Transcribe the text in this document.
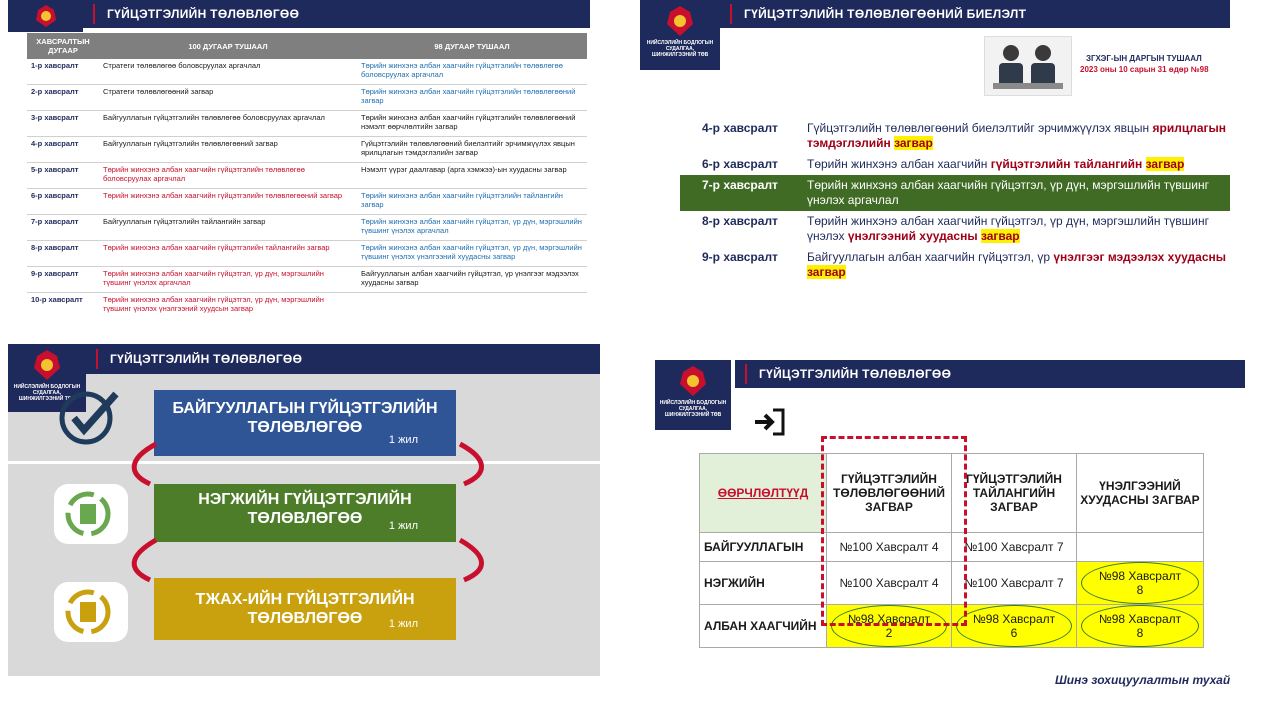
ГҮЙЦЭТГЭЛИЙН ТӨЛӨВЛӨГӨӨ
ХАВСРАЛТЫН ДУГААР	100 ДУГААР ТУШААЛ	98 ДУГААР ТУШААЛ
1-р хавсралт	Стратеги төлөвлөгөө боловсруулах аргачлал	Төрийн жинхэнэ албан хаагчийн гүйцэтгэлийн төлөвлөгөө боловсруулах аргачлал
2-р хавсралт	Стратеги төлөвлөгөөний загвар	Төрийн жинхэнэ албан хаагчийн гүйцэтгэлийн төлөвлөгөөний загвар
3-р хавсралт	Байгууллагын гүйцэтгэлийн төлөвлөгөө боловсруулах аргачлал	Төрийн жинхэнэ албан хаагчийн гүйцэтгэлийн төлөвлөгөөний нэмэлт өөрчлөлтийн загвар
4-р хавсралт	Байгууллагын гүйцэтгэлийн төлөвлөгөөний загвар	Гүйцэтгэлийн төлөвлөгөөний биелэлтийг эрчимжүүлэх явцын ярилцлагын тэмдэглэлийн загвар
5-р хавсралт	Төрийн жинхэнэ албан хаагчийн гүйцэтгэлийн төлөвлөгөө боловсруулах аргачлал	Нэмэлт үүрэг даалгавар (арга хэмжээ)-ын хуудасны загвар
6-р хавсралт	Төрийн жинхэнэ албан хаагчийн гүйцэтгэлийн төлөвлөгөөний загвар	Төрийн жинхэнэ албан хаагчийн гүйцэтгэлийн тайлангийн загвар
7-р хавсралт	Байгууллагын гүйцэтгэлийн тайлангийн загвар	Төрийн жинхэнэ албан хаагчийн гүйцэтгэл, үр дүн, мэргэшлийн түвшинг үнэлэх аргачлал
8-р хавсралт	Төрийн жинхэнэ албан хаагчийн гүйцэтгэлийн тайлангийн загвар	Төрийн жинхэнэ албан хаагчийн гүйцэтгэл, үр дүн, мэргэшлийн түвшинг үнэлэх үнэлгээний хуудасны загвар
9-р хавсралт	Төрийн жинхэнэ албан хаагчийн гүйцэтгэл, үр дүн, мэргэшлийн түвшинг үнэлэх аргачлал	Байгууллагын албан хаагчийн гүйцэтгэл, үр үнэлгээг мэдээлэх хуудасны загвар
10-р хавсралт	Төрийн жинхэнэ албан хаагчийн гүйцэтгэл, үр дүн, мэргэшлийн түвшинг үнэлэх үнэлгээний хуудсын загвар	
ГҮЙЦЭТГЭЛИЙН ТӨЛӨВЛӨГӨӨНИЙ БИЕЛЭЛТ
НИЙСЛЭЛИЙН БОДЛОГЫН СУДАЛГАА, ШИНЖИЛГЭЭНИЙ ТӨВ	ЗГХЭГ-ЫН ДАРГЫН ТУШААЛ
2023 оны 10 сарын 31 өдөр №98
4-р хавсралт	Гүйцэтгэлийн төлөвлөгөөний биелэлтийг эрчимжүүлэх явцын ярилцлагын тэмдэглэлийн загвар
6-р хавсралт	Төрийн жинхэнэ албан хаагчийн гүйцэтгэлийн тайлангийн загвар
7-р хавсралт	Төрийн жинхэнэ албан хаагчийн гүйцэтгэл, үр дүн, мэргэшлийн түвшинг үнэлэх аргачлал
8-р хавсралт	Төрийн жинхэнэ албан хаагчийн гүйцэтгэл, үр дүн, мэргэшлийн түвшинг үнэлэх үнэлгээний хуудасны загвар
9-р хавсралт	Байгууллагын албан хаагчийн гүйцэтгэл, үр үнэлгээг мэдээлэх хуудасны загвар
ГҮЙЦЭТГЭЛИЙН ТӨЛӨВЛӨГӨӨ
НИЙСЛЭЛИЙН БОДЛОГЫН СУДАЛГАА, ШИНЖИЛГЭЭНИЙ ТӨВ
БАЙГУУЛЛАГЫН ГҮЙЦЭТГЭЛИЙН
ТӨЛӨВЛӨГӨӨ
1 жил
НЭГЖИЙН ГҮЙЦЭТГЭЛИЙН
ТӨЛӨВЛӨГӨӨ	1 жил
ТЖАХ-ИЙН ГҮЙЦЭТГЭЛИЙН
ТӨЛӨВЛӨГӨӨ	1 жил
ГҮЙЦЭТГЭЛИЙН ТӨЛӨВЛӨГӨӨ
НИЙСЛЭЛИЙН БОДЛОГЫН СУДАЛГАА, ШИНЖИЛГЭЭНИЙ ТӨВ
ӨӨРЧЛӨЛТҮҮД	ГҮЙЦЭТГЭЛИЙН ТӨЛӨВЛӨГӨӨНИЙ ЗАГВАР	ГҮЙЦЭТГЭЛИЙН ТАЙЛАНГИЙН ЗАГВАР	ҮНЭЛГЭЭНИЙ ХУУДАСНЫ ЗАГВАР
БАЙГУУЛЛАГЫН	№100 Хавсралт 4	№100 Хавсралт 7	
НЭГЖИЙН	№100 Хавсралт 4	№100 Хавсралт 7	№98 Хавсралт 8
АЛБАН ХААГЧИЙН	№98 Хавсралт 2	№98 Хавсралт 6	№98 Хавсралт 8
Шинэ зохицуулалтын тухай
